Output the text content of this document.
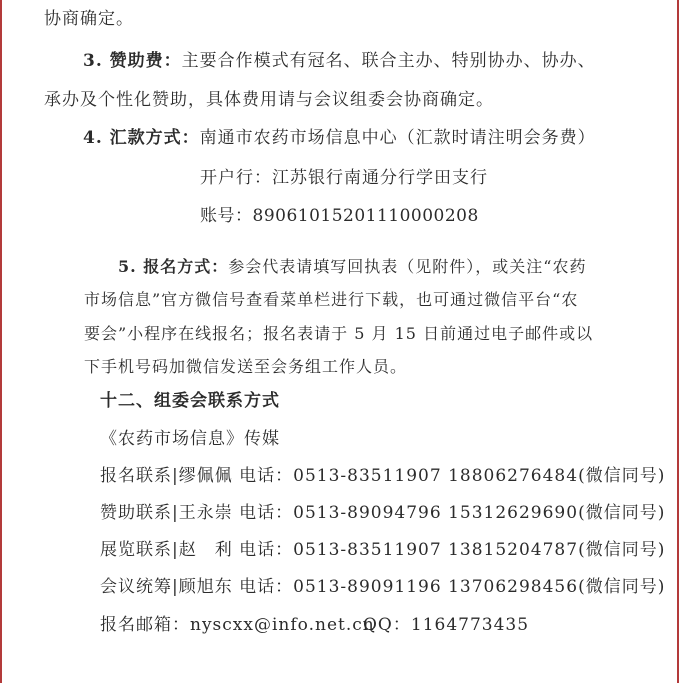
协商确定。
3. 赞助费：主要合作模式有冠名、联合主办、特别协办、协办、
承办及个性化赞助，具体费用请与会议组委会协商确定。
4. 汇款方式：南通市农药市场信息中心（汇款时请注明会务费）
开户行：江苏银行南通分行学田支行
账号：89061015201110000208
5. 报名方式：参会代表请填写回执表（见附件），或关注“农药
市场信息”官方微信号查看菜单栏进行下载，也可通过微信平台“农
要会”小程序在线报名；报名表请于 5 月 15 日前通过电子邮件或以
下手机号码加微信发送至会务组工作人员。
十二、组委会联系方式
《农药市场信息》传媒
报名联系|缪佩佩 电话：0513-83511907 18806276484(微信同号)
赞助联系|王永崇 电话：0513-89094796 15312629690(微信同号)
展览联系|赵　利 电话：0513-83511907 13815204787(微信同号)
会议统筹|顾旭东 电话：0513-89091196 13706298456(微信同号)
报名邮箱：nyscxx@info.net.cn
QQ：1164773435
